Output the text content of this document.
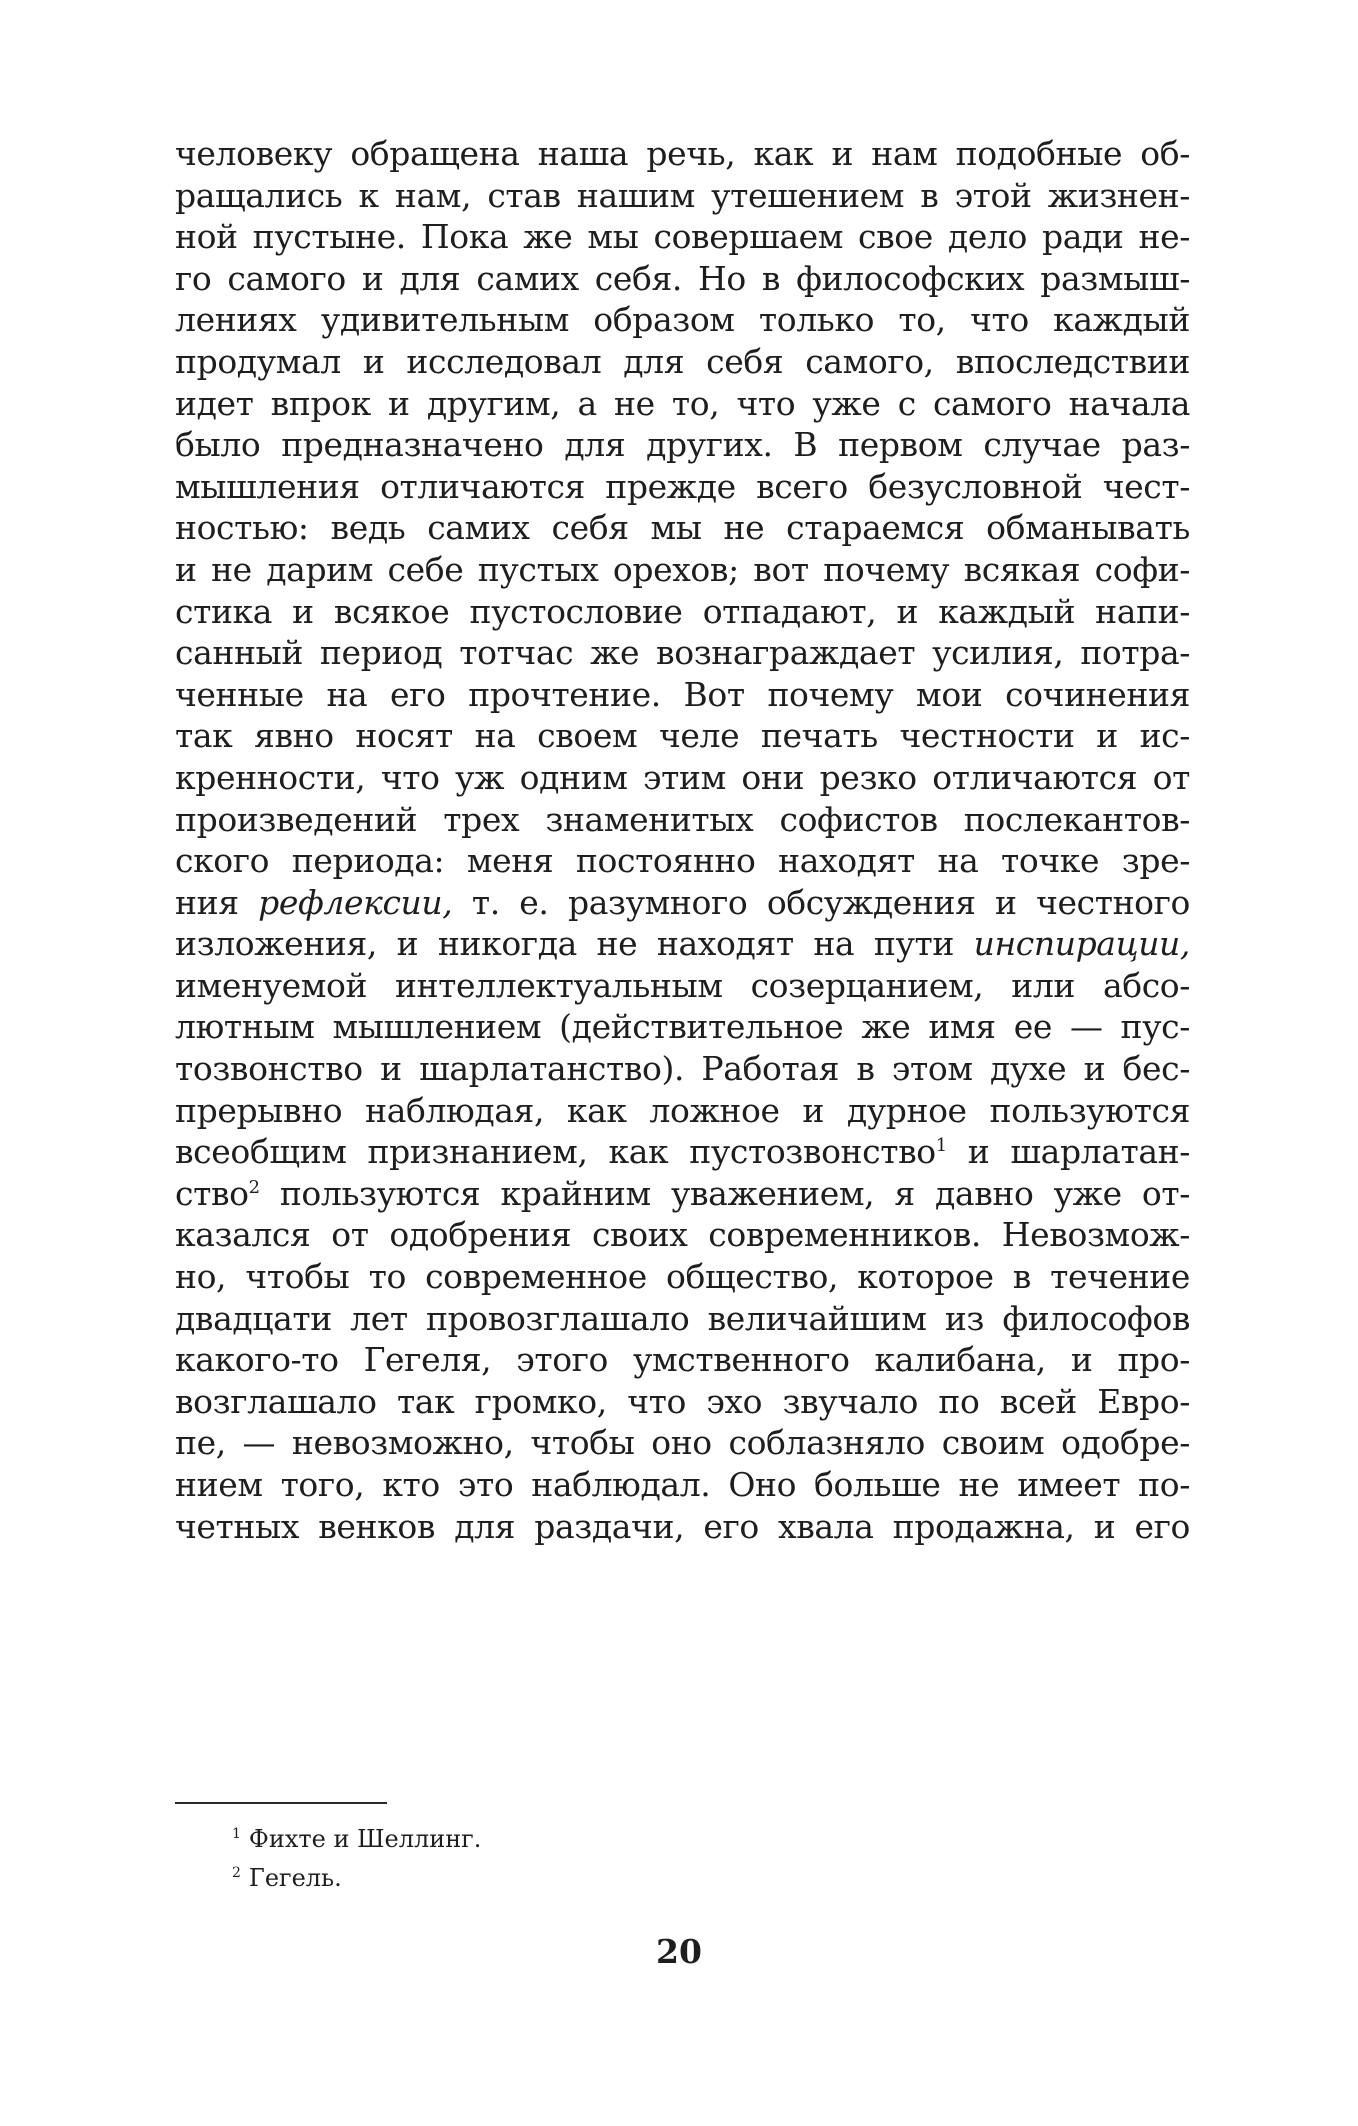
человеку обращена наша речь, как и нам подобные об-
ращались к нам, став нашим утешением в этой жизнен-
ной пустыне. Пока же мы совершаем свое дело ради не-
го самого и для самих себя. Но в философских размыш-
лениях удивительным образом только то, что каждый
продумал и исследовал для себя самого, впоследствии
идет впрок и другим, а не то, что уже с самого начала
было предназначено для других. В первом случае раз-
мышления отличаются прежде всего безусловной чест-
ностью: ведь самих себя мы не стараемся обманывать
и не дарим себе пустых орехов; вот почему всякая софи-
стика и всякое пустословие отпадают, и каждый напи-
санный период тотчас же вознаграждает усилия, потра-
ченные на его прочтение. Вот почему мои сочинения
так явно носят на своем челе печать честности и ис-
кренности, что уж одним этим они резко отличаются от
произведений трех знаменитых софистов послекантов-
ского периода: меня постоянно находят на точке зре-
ния рефлексии, т. е. разумного обсуждения и честного
изложения, и никогда не находят на пути инспирации,
именуемой интеллектуальным созерцанием, или абсо-
лютным мышлением (действительное же имя ее — пус-
тозвонство и шарлатанство). Работая в этом духе и бес-
прерывно наблюдая, как ложное и дурное пользуются
всеобщим признанием, как пустозвонство$^1$ и шарлатан-
ство$^2$ пользуются крайним уважением, я давно уже от-
казался от одобрения своих современников. Невозмож-
но, чтобы то современное общество, которое в течение
двадцати лет провозглашало величайшим из философов
какого-то Гегеля, этого умственного калибана, и про-
возглашало так громко, что эхо звучало по всей Евро-
пе, — невозможно, чтобы оно соблазняло своим одобре-
нием того, кто это наблюдал. Оно больше не имеет по-
четных венков для раздачи, его хвала продажна, и его
$^1$ Фихте и Шеллинг.
$^2$ Гегель.
20
